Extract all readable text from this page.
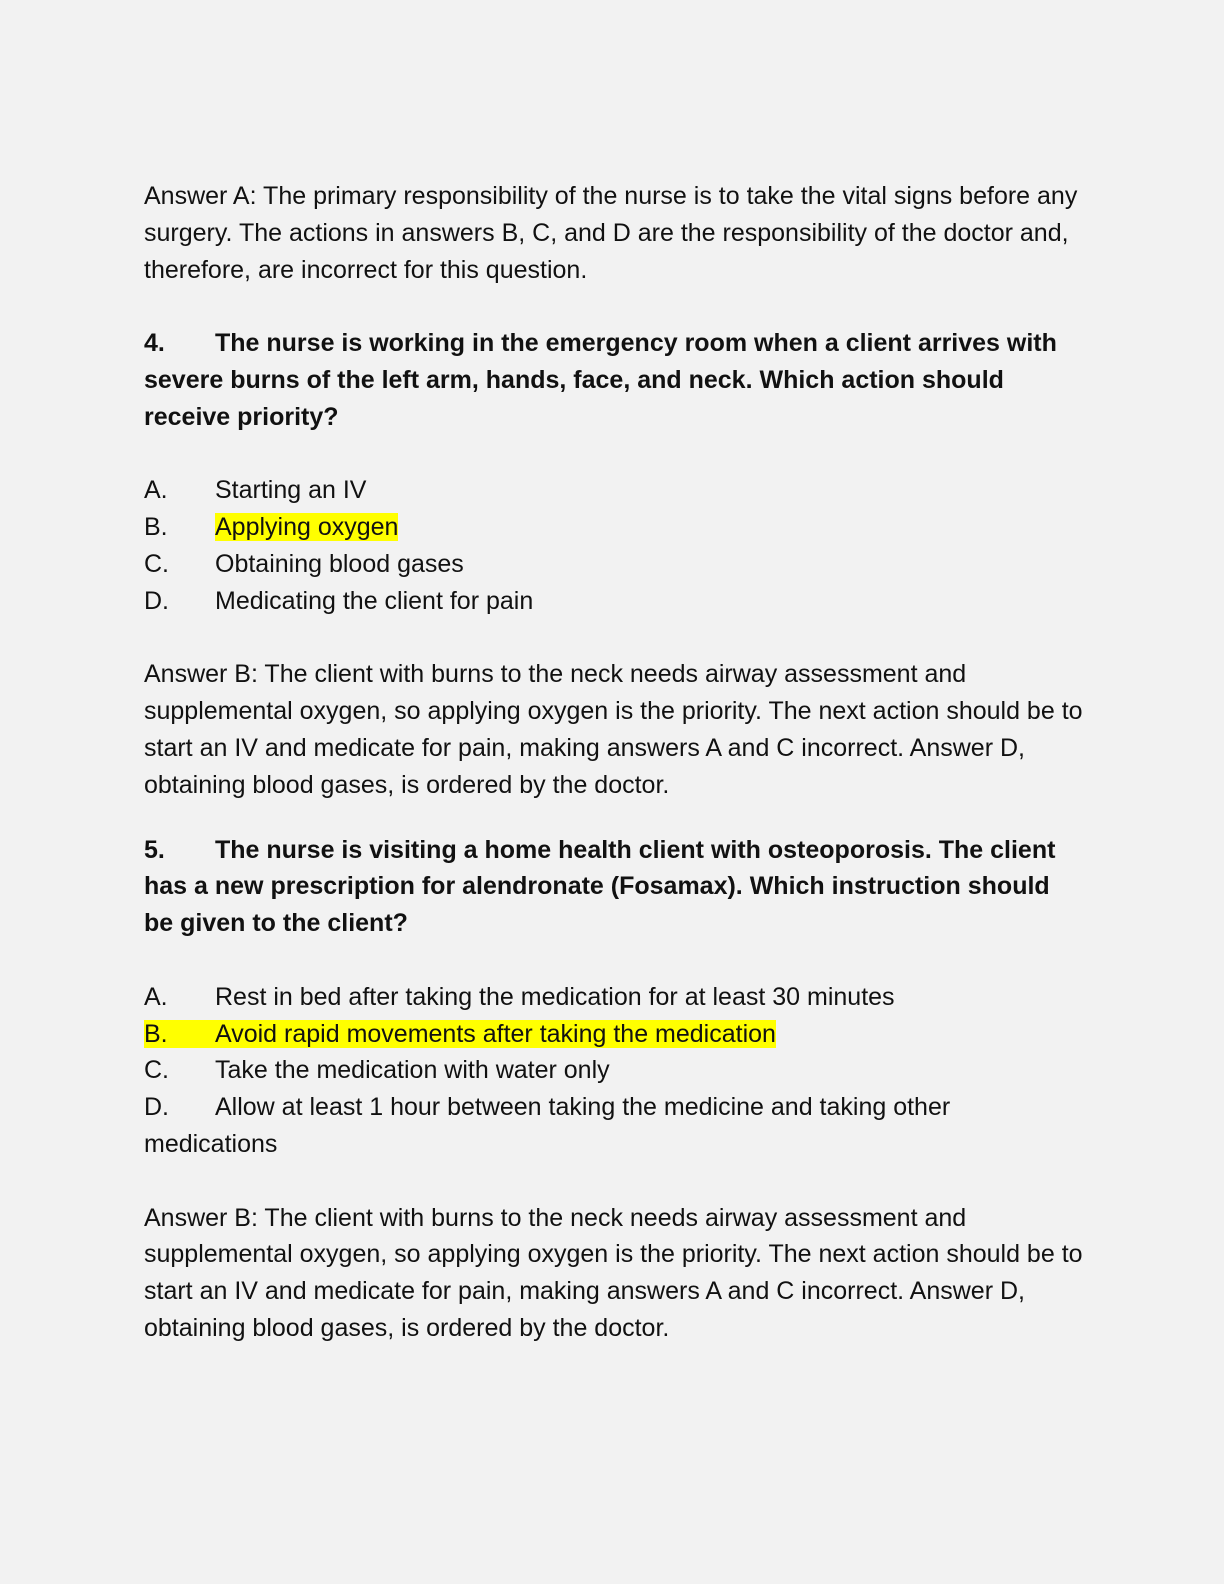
Answer A: The primary responsibility of the nurse is to take the vital signs before any surgery. The actions in answers B, C, and D are the responsibility of the doctor and, therefore, are incorrect for this question.

4. The nurse is working in the emergency room when a client arrives with severe burns of the left arm, hands, face, and neck. Which action should receive priority?

A. Starting an IV
B. Applying oxygen
C. Obtaining blood gases
D. Medicating the client for pain

Answer B: The client with burns to the neck needs airway assessment and supplemental oxygen, so applying oxygen is the priority. The next action should be to start an IV and medicate for pain, making answers A and C incorrect. Answer D, obtaining blood gases, is ordered by the doctor.

5. The nurse is visiting a home health client with osteoporosis. The client has a new prescription for alendronate (Fosamax). Which instruction should be given to the client?

A. Rest in bed after taking the medication for at least 30 minutes
B. Avoid rapid movements after taking the medication
C. Take the medication with water only
D. Allow at least 1 hour between taking the medicine and taking other medications

Answer B: The client with burns to the neck needs airway assessment and supplemental oxygen, so applying oxygen is the priority. The next action should be to start an IV and medicate for pain, making answers A and C incorrect. Answer D, obtaining blood gases, is ordered by the doctor.
